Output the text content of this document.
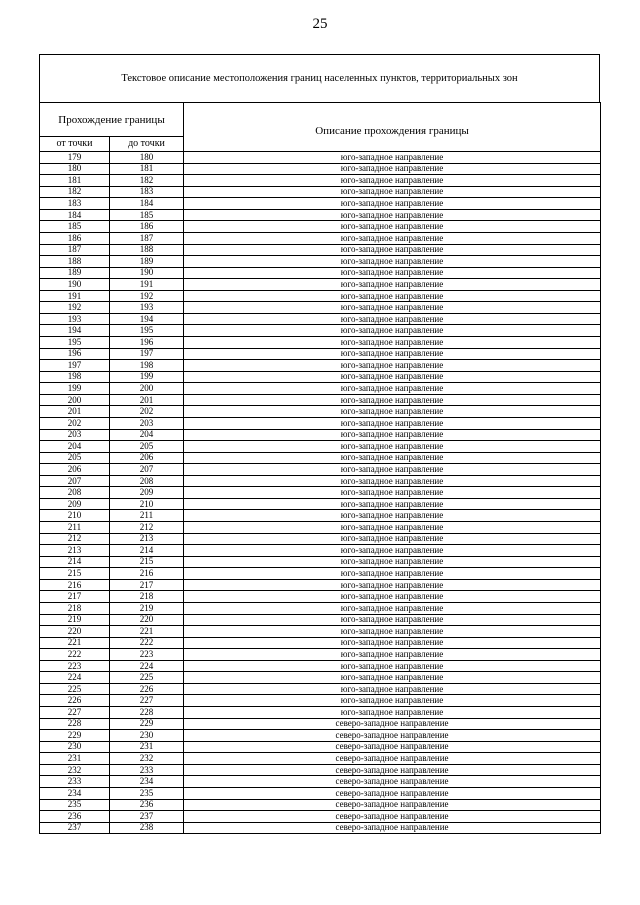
25
Текстовое описание местоположения границ населенных пунктов, территориальных зон
Прохождение границы		Описание прохождения границы
от точки	до точки	
179	180	юго-западное направление
180	181	юго-западное направление
181	182	юго-западное направление
182	183	юго-западное направление
183	184	юго-западное направление
184	185	юго-западное направление
185	186	юго-западное направление
186	187	юго-западное направление
187	188	юго-западное направление
188	189	юго-западное направление
189	190	юго-западное направление
190	191	юго-западное направление
191	192	юго-западное направление
192	193	юго-западное направление
193	194	юго-западное направление
194	195	юго-западное направление
195	196	юго-западное направление
196	197	юго-западное направление
197	198	юго-западное направление
198	199	юго-западное направление
199	200	юго-западное направление
200	201	юго-западное направление
201	202	юго-западное направление
202	203	юго-западное направление
203	204	юго-западное направление
204	205	юго-западное направление
205	206	юго-западное направление
206	207	юго-западное направление
207	208	юго-западное направление
208	209	юго-западное направление
209	210	юго-западное направление
210	211	юго-западное направление
211	212	юго-западное направление
212	213	юго-западное направление
213	214	юго-западное направление
214	215	юго-западное направление
215	216	юго-западное направление
216	217	юго-западное направление
217	218	юго-западное направление
218	219	юго-западное направление
219	220	юго-западное направление
220	221	юго-западное направление
221	222	юго-западное направление
222	223	юго-западное направление
223	224	юго-западное направление
224	225	юго-западное направление
225	226	юго-западное направление
226	227	юго-западное направление
227	228	юго-западное направление
228	229	северо-западное направление
229	230	северо-западное направление
230	231	северо-западное направление
231	232	северо-западное направление
232	233	северо-западное направление
233	234	северо-западное направление
234	235	северо-западное направление
235	236	северо-западное направление
236	237	северо-западное направление
237	238	северо-западное направление
